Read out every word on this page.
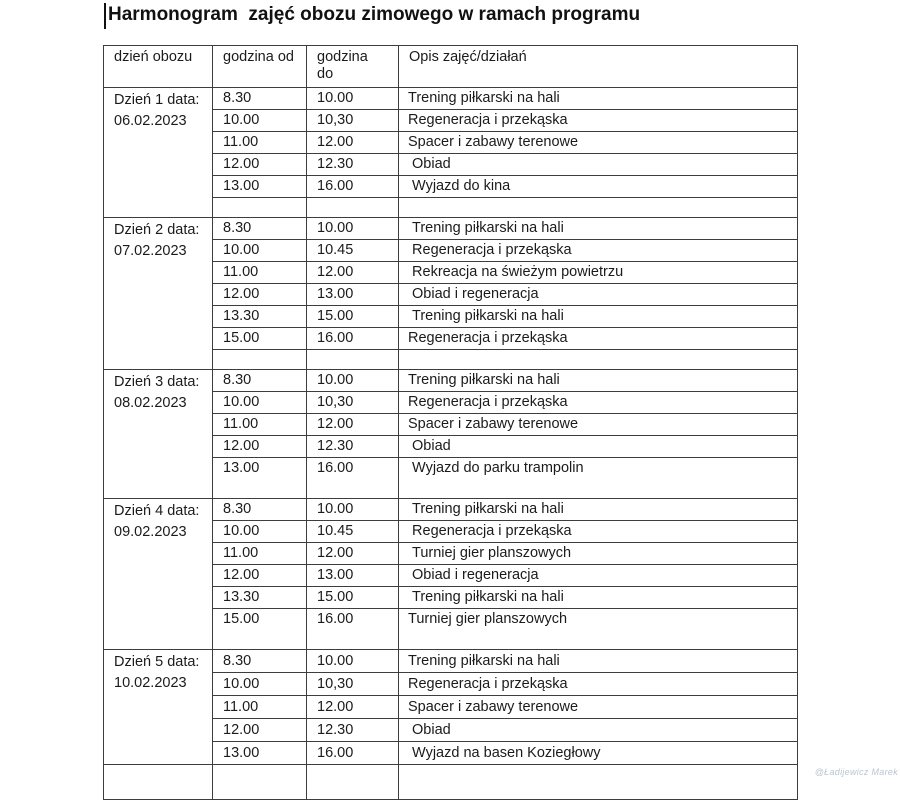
Harmonogram  zajęć obozu zimowego w ramach programu
dzień obozu	godzina od	godzina do	Opis zajęć/działań
Dzień 1 data:
06.02.2023	8.30	10.00	Trening piłkarski na hali
	10.00	10,30	Regeneracja i przekąska
	11.00	12.00	Spacer i zabawy terenowe
	12.00	12.30	Obiad
	13.00	16.00	Wyjazd do kina

Dzień 2 data:
07.02.2023	8.30	10.00	Trening piłkarski na hali
	10.00	10.45	Regeneracja i przekąska
	11.00	12.00	Rekreacja na świeżym powietrzu
	12.00	13.00	Obiad i regeneracja
	13.30	15.00	Trening piłkarski na hali
	15.00	16.00	Regeneracja i przekąska

Dzień 3 data:
08.02.2023	8.30	10.00	Trening piłkarski na hali
	10.00	10,30	Regeneracja i przekąska
	11.00	12.00	Spacer i zabawy terenowe
	12.00	12.30	Obiad
	13.00	16.00	Wyjazd do parku trampolin

Dzień 4 data:
09.02.2023	8.30	10.00	Trening piłkarski na hali
	10.00	10.45	Regeneracja i przekąska
	11.00	12.00	Turniej gier planszowych
	12.00	13.00	Obiad i regeneracja
	13.30	15.00	Trening piłkarski na hali
	15.00	16.00	Turniej gier planszowych

Dzień 5 data:
10.02.2023	8.30	10.00	Trening piłkarski na hali
	10.00	10,30	Regeneracja i przekąska
	11.00	12.00	Spacer i zabawy terenowe
	12.00	12.30	Obiad
	13.00	16.00	Wyjazd na basen Koziegłowy

@Ładijewicz Marek
